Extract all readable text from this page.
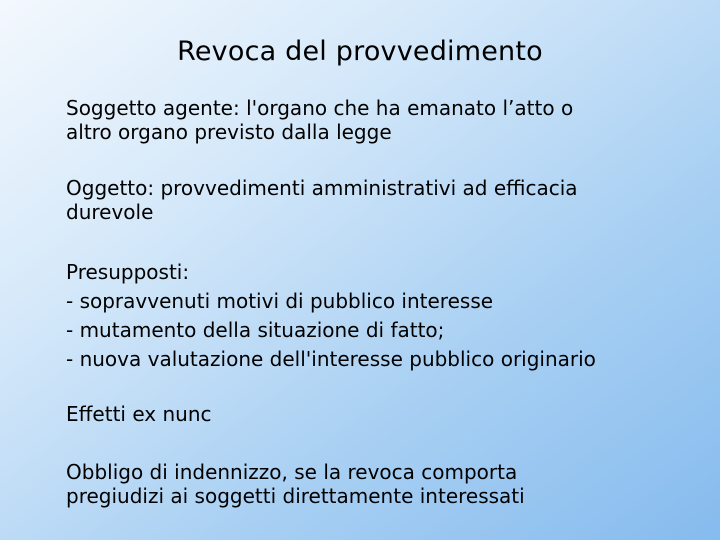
Revoca del provvedimento
Soggetto agente: l'organo che ha emanato l’atto o
altro organo previsto dalla legge
Oggetto: provvedimenti amministrativi ad efficacia
durevole
Presupposti:
- sopravvenuti motivi di pubblico interesse
- mutamento della situazione di fatto;
- nuova valutazione dell'interesse pubblico originario
Effetti ex nunc
Obbligo di indennizzo, se la revoca comporta
pregiudizi ai soggetti direttamente interessati
